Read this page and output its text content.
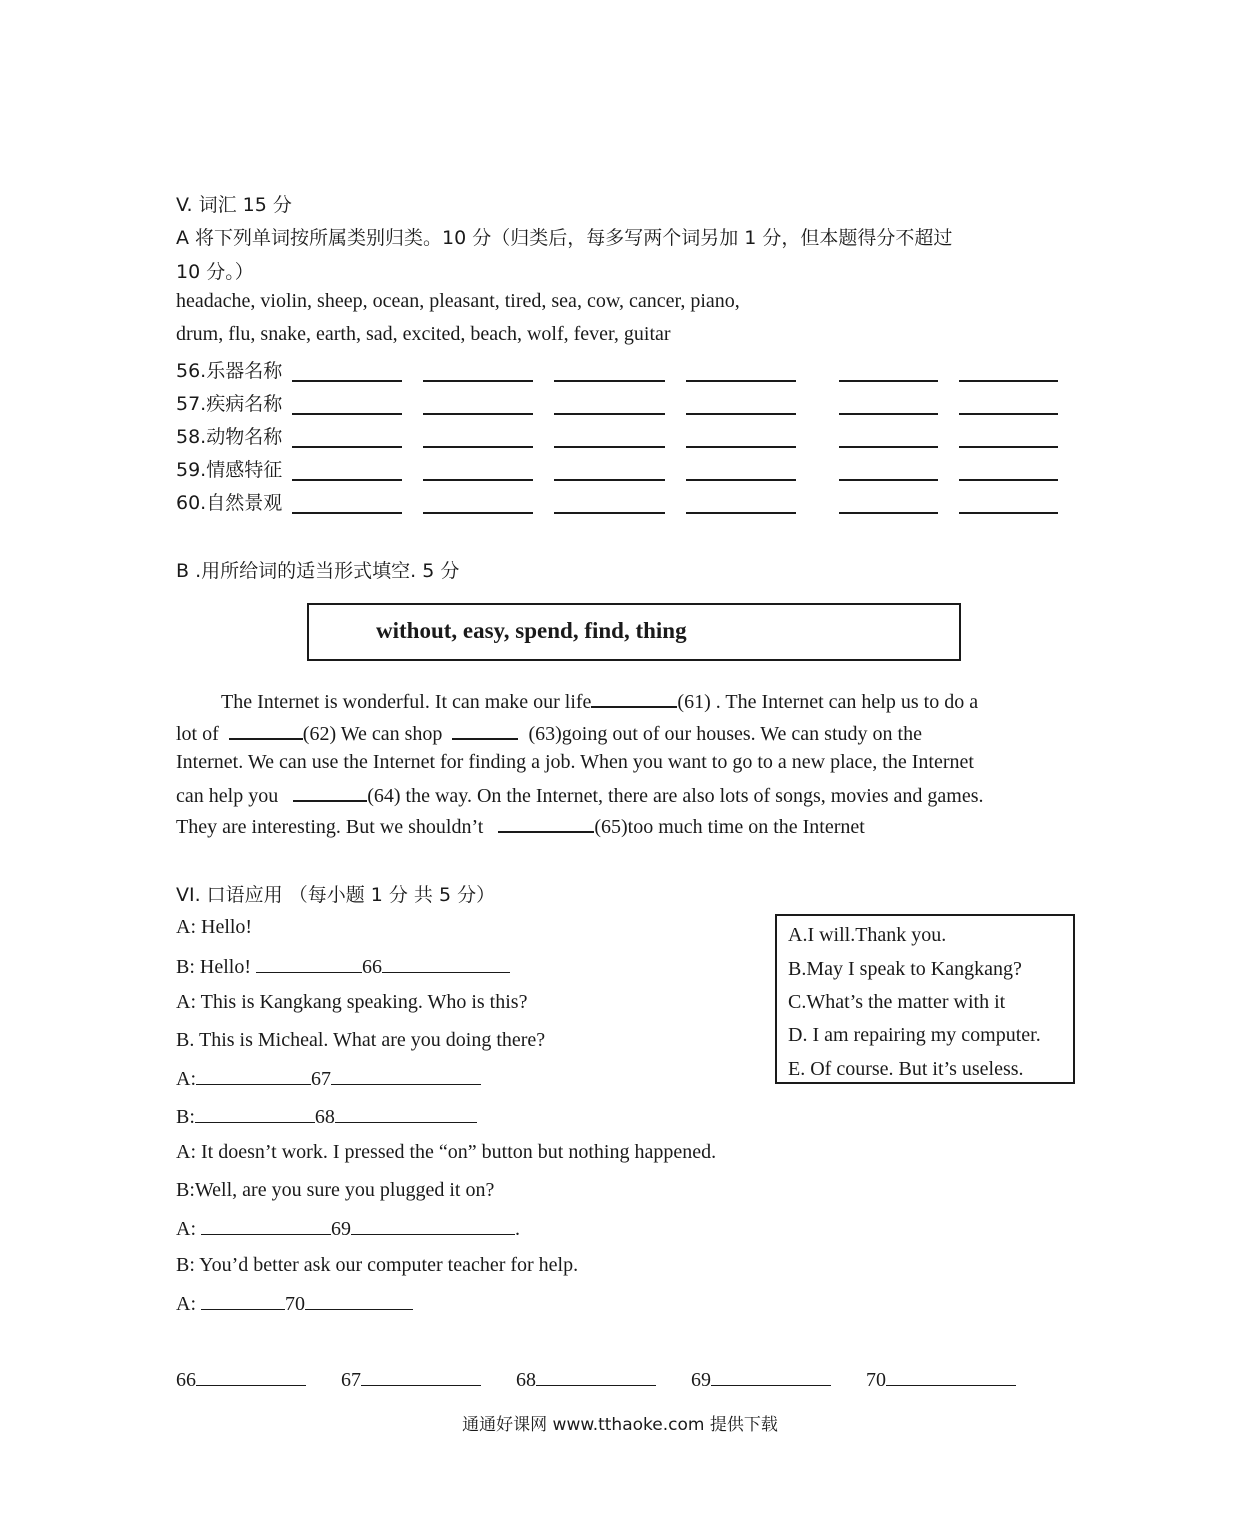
V. 词汇 15 分
A 将下列单词按所属类别归类。10 分（归类后，每多写两个词另加 1 分，但本题得分不超过
10 分。）
headache, violin, sheep, ocean, pleasant, tired, sea, cow, cancer, piano,
drum, flu, snake, earth, sad, excited, beach, wolf, fever, guitar
56.乐器名称
57.疾病名称
58.动物名称
59.情感特征
60.自然景观
B .用所给词的适当形式填空. 5 分
without, easy, spend, find, thing
The Internet is wonderful. It can make our life	(61) . The Internet can help us to do a
lot of	(62) We can shop	(63)going out of our houses. We can study on the
Internet. We can use the Internet for finding a job. When you want to go to a new place, the Internet
can help you	(64) the way. On the Internet, there are also lots of songs, movies and games.
They are interesting. But we shouldn’t	(65)too much time on the Internet
VI. 口语应用 （每小题 1 分 共 5 分）
A: Hello!
B: Hello!	66
A: This is Kangkang speaking. Who is this?
B. This is Micheal. What are you doing there?
A:	67
B:	68
A: It doesn’t work. I pressed the “on” button but nothing happened.
B:Well, are you sure you plugged it on?
A:	69	.
B: You’d better ask our computer teacher for help.
A:	70
A.I will.Thank you.
B.May I speak to Kangkang?
C.What’s the matter with it
D. I am repairing my computer.
E. Of course. But it’s useless.
66	67	68	69	70
通通好课网 www.tthaoke.com 提供下载
